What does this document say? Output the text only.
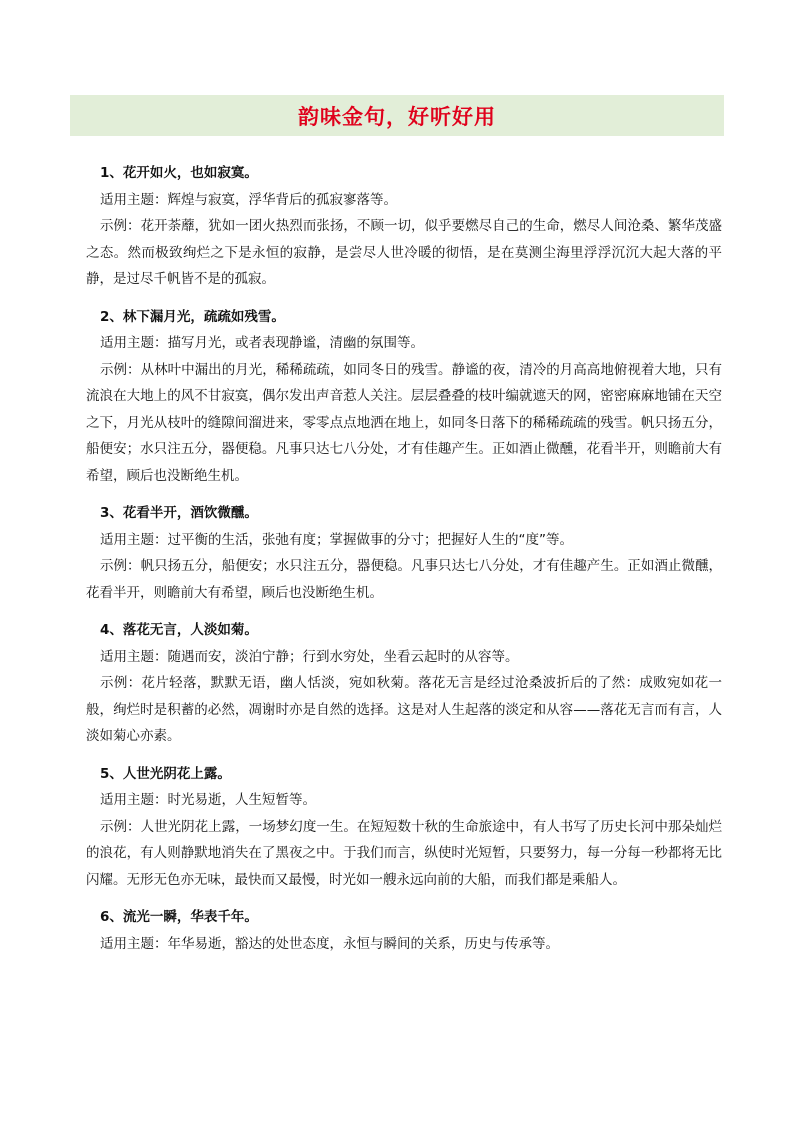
韵味金句，好听好用
1、花开如火，也如寂寞。
适用主题：辉煌与寂寞，浮华背后的孤寂寥落等。
示例：花开荼蘼，犹如一团火热烈而张扬，不顾一切，似乎要燃尽自己的生命，燃尽人间沧桑、繁华茂盛之态。然而极致绚烂之下是永恒的寂静，是尝尽人世冷暖的彻悟，是在莫测尘海里浮浮沉沉大起大落的平静，是过尽千帆皆不是的孤寂。
2、林下漏月光，疏疏如残雪。
适用主题：描写月光，或者表现静谧，清幽的氛围等。
示例：从林叶中漏出的月光，稀稀疏疏，如同冬日的残雪。静谧的夜，清冷的月高高地俯视着大地，只有流浪在大地上的风不甘寂寞，偶尔发出声音惹人关注。层层叠叠的枝叶编就遮天的网，密密麻麻地铺在天空之下，月光从枝叶的缝隙间溜进来，零零点点地洒在地上，如同冬日落下的稀稀疏疏的残雪。帆只扬五分，船便安；水只注五分，器便稳。凡事只达七八分处，才有佳趣产生。正如酒止微醺，花看半开，则瞻前大有希望，顾后也没断绝生机。
3、花看半开，酒饮微醺。
适用主题：过平衡的生活，张弛有度；掌握做事的分寸；把握好人生的“度”等。
示例：帆只扬五分，船便安；水只注五分，器便稳。凡事只达七八分处，才有佳趣产生。正如酒止微醺，花看半开，则瞻前大有希望，顾后也没断绝生机。
4、落花无言，人淡如菊。
适用主题：随遇而安，淡泊宁静；行到水穷处，坐看云起时的从容等。
示例：花片轻落，默默无语，幽人恬淡，宛如秋菊。落花无言是经过沧桑波折后的了然：成败宛如花一般，绚烂时是积蓄的必然，凋谢时亦是自然的选择。这是对人生起落的淡定和从容——落花无言而有言，人淡如菊心亦素。
5、人世光阴花上露。
适用主题：时光易逝，人生短暂等。
示例：人世光阴花上露，一场梦幻度一生。在短短数十秋的生命旅途中，有人书写了历史长河中那朵灿烂的浪花，有人则静默地消失在了黑夜之中。于我们而言，纵使时光短暂，只要努力，每一分每一秒都将无比闪耀。无形无色亦无味，最快而又最慢，时光如一艘永远向前的大船，而我们都是乘船人。
6、流光一瞬，华表千年。
适用主题：年华易逝，豁达的处世态度，永恒与瞬间的关系，历史与传承等。
